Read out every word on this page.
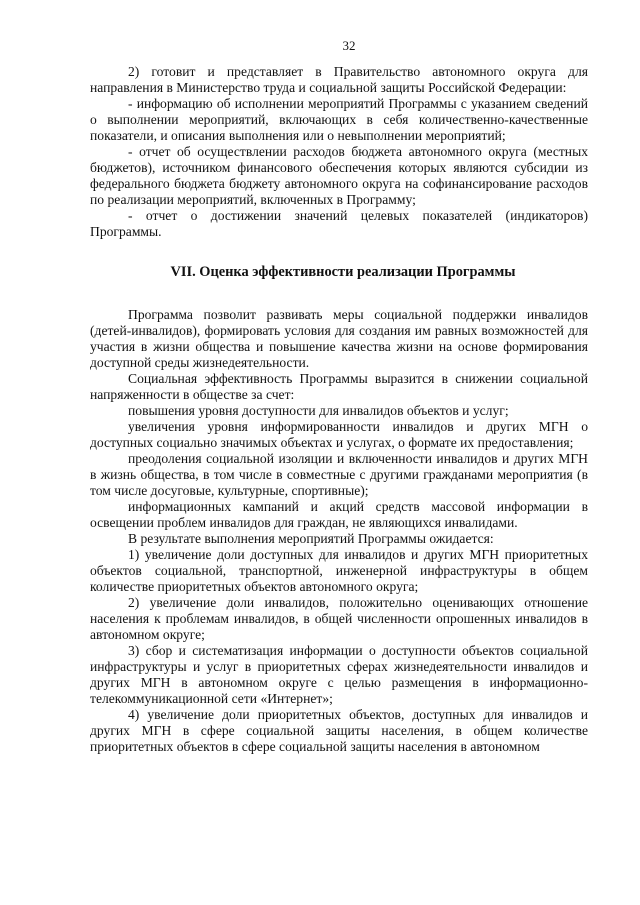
32

2) готовит и представляет в Правительство автономного округа для направления в Министерство труда и социальной защиты Российской Федерации:

- информацию об исполнении мероприятий Программы с указанием сведений о выполнении мероприятий, включающих в себя количественно-качественные показатели, и описания выполнения или о невыполнении мероприятий;

- отчет об осуществлении расходов бюджета автономного округа (местных бюджетов), источником финансового обеспечения которых являются субсидии из федерального бюджета бюджету автономного округа на софинансирование расходов по реализации мероприятий, включенных в Программу;

- отчет о достижении значений целевых показателей (индикаторов) Программы.

VII. Оценка эффективности реализации Программы

Программа позволит развивать меры социальной поддержки инвалидов (детей-инвалидов), формировать условия для создания им равных возможностей для участия в жизни общества и повышение качества жизни на основе формирования доступной среды жизнедеятельности.

Социальная эффективность Программы выразится в снижении социальной напряженности в обществе за счет:

повышения уровня доступности для инвалидов объектов и услуг;

увеличения уровня информированности инвалидов и других МГН о доступных социально значимых объектах и услугах, о формате их предоставления;

преодоления социальной изоляции и включенности инвалидов и других МГН в жизнь общества, в том числе в совместные с другими гражданами мероприятия (в том числе досуговые, культурные, спортивные);

информационных кампаний и акций средств массовой информации в освещении проблем инвалидов для граждан, не являющихся инвалидами.

В результате выполнения мероприятий Программы ожидается:

1) увеличение доли доступных для инвалидов и других МГН приоритетных объектов социальной, транспортной, инженерной инфраструктуры в общем количестве приоритетных объектов автономного округа;

2) увеличение доли инвалидов, положительно оценивающих отношение населения к проблемам инвалидов, в общей численности опрошенных инвалидов в автономном округе;

3) сбор и систематизация информации о доступности объектов социальной инфраструктуры и услуг в приоритетных сферах жизнедеятельности инвалидов и других МГН в автономном округе с целью размещения в информационно-телекоммуникационной сети «Интернет»;

4) увеличение доли приоритетных объектов, доступных для инвалидов и других МГН в сфере социальной защиты населения, в общем количестве приоритетных объектов в сфере социальной защиты населения в автономном
